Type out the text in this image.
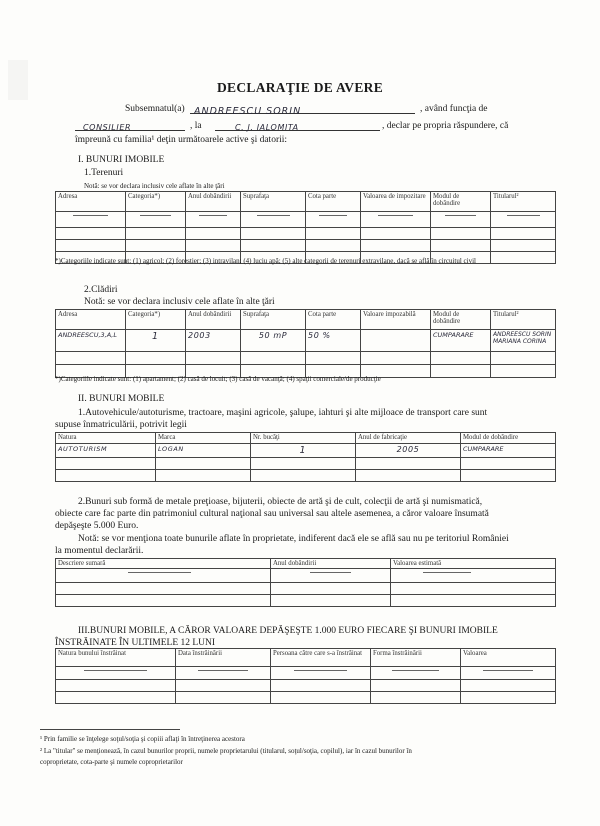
DECLARAŢIE DE AVERE
Subsemnatul(a) ANDREESCU SORIN	, având funcţia de
CONSILIER	, la	C. J. IALOMITA	, declar pe propria răspundere, că
împreună cu familia¹ deţin următoarele active şi datorii:
I. BUNURI IMOBILE
1.Terenuri
Notă: se vor declara inclusiv cele aflate în alte ţări
Adresa	Categoria*)	Anul dobândirii	Suprafaţa	Cota parte	Valoarea de impozitare	Modul de dobândire	Titularul²

*)Categoriile indicate sunt: (1) agricol; (2) forestier; (3) intravilan; (4) luciu apă; (5) alte categorii de terenuri extravilane, dacă se află în circuitul civil
2.Clădiri
Notă: se vor declara inclusiv cele aflate în alte ţări
Adresa	Categoria*)	Anul dobândirii	Suprafaţa	Cota parte	Valoare impozabilă	Modul de dobândire	Titularul²
ANDREESCU,3,A,L	1	2003	50 mP	50 %		CUMPARARE	ANDREESCU SORIN
MARIANA CORINA

*)Categoriile indicate sunt: (1) apartament; (2) casă de locuit; (3) casă de vacanţă; (4) spaţii comerciale/de producţie
II. BUNURI MOBILE
1.Autovehicule/autoturisme, tractoare, maşini agricole, şalupe, iahturi şi alte mijloace de transport care sunt
supuse înmatriculării, potrivit legii
Natura	Marca	Nr. bucăţi	Anul de fabricaţie	Modul de dobândire
AUTOTURISM	LOGAN	1	2005	CUMPARARE

2.Bunuri sub formă de metale preţioase, bijuterii, obiecte de artă şi de cult, colecţii de artă şi numismatică,
obiecte care fac parte din patrimoniul cultural naţional sau universal sau altele asemenea, a căror valoare însumată
depăşeşte 5.000 Euro.
Notă: se vor menţiona toate bunurile aflate în proprietate, indiferent dacă ele se află sau nu pe teritoriul României
la momentul declarării.
Descriere sumară	Anul dobândirii	Valoarea estimată

III.BUNURI MOBILE, A CĂROR VALOARE DEPĂŞEŞTE 1.000 EURO FIECARE ŞI BUNURI IMOBILE
ÎNSTRĂINATE ÎN ULTIMELE 12 LUNI
Natura bunului înstrăinat	Data înstrăinării	Persoana către care s-a înstrăinat	Forma înstrăinării	Valoarea

¹ Prin familie se înţelege soţul/soţia şi copiii aflaţi în întreţinerea acestora
² La "titular" se menţionează, în cazul bunurilor proprii, numele proprietarului (titularul, soţul/soţia, copilul), iar în cazul bunurilor în
coproprietate, cota-parte şi numele coproprietarilor
